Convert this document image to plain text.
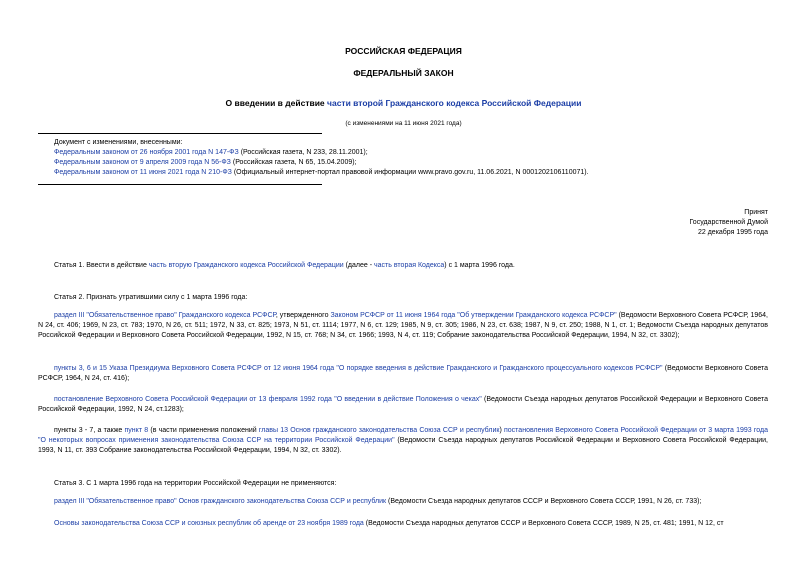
РОССИЙСКАЯ ФЕДЕРАЦИЯ
ФЕДЕРАЛЬНЫЙ ЗАКОН
О введении в действие части второй Гражданского кодекса Российской Федерации
(с изменениями на 11 июня 2021 года)
Документ с изменениями, внесенными:
Федеральным законом от 26 ноября 2001 года N 147-ФЗ (Российская газета, N 233, 28.11.2001);
Федеральным законом от 9 апреля 2009 года N 56-ФЗ (Российская газета, N 65, 15.04.2009);
Федеральным законом от 11 июня 2021 года N 210-ФЗ (Официальный интернет-портал правовой информации www.pravo.gov.ru, 11.06.2021, N 0001202106110071).
Принят
Государственной Думой
22 декабря 1995 года
Статья 1. Ввести в действие часть вторую Гражданского кодекса Российской Федерации (далее - часть вторая Кодекса) с 1 марта 1996 года.
Статья 2. Признать утратившими силу с 1 марта 1996 года:
раздел III "Обязательственное право" Гражданского кодекса РСФСР, утвержденного Законом РСФСР от 11 июня 1964 года "Об утверждении Гражданского кодекса РСФСР" (Ведомости Верховного Совета РСФСР, 1964, N 24, ст. 406; 1969, N 23, ст. 783; 1970, N 26, ст. 511; 1972, N 33, ст. 825; 1973, N 51, ст. 1114; 1977, N 6, ст. 129; 1985, N 9, ст. 305; 1986, N 23, ст. 638; 1987, N 9, ст. 250; 1988, N 1, ст. 1; Ведомости Съезда народных депутатов Российской Федерации и Верховного Совета Российской Федерации, 1992, N 15, ст. 768; N 34, ст. 1966; 1993, N 4, ст. 119; Собрание законодательства Российской Федерации, 1994, N 32, ст. 3302);
пункты 3, 6 и 15 Указа Президиума Верховного Совета РСФСР от 12 июня 1964 года "О порядке введения в действие Гражданского и Гражданского процессуального кодексов РСФСР" (Ведомости Верховного Совета РСФСР, 1964, N 24, ст. 416);
постановление Верховного Совета Российской Федерации от 13 февраля 1992 года "О введении в действие Положения о чеках" (Ведомости Съезда народных депутатов Российской Федерации и Верховного Совета Российской Федерации, 1992, N 24, ст.1283);
пункты 3 - 7, а также пункт 8 (в части применения положений главы 13 Основ гражданского законодательства Союза ССР и республик) постановления Верховного Совета Российской Федерации от 3 марта 1993 года "О некоторых вопросах применения законодательства Союза ССР на территории Российской Федерации" (Ведомости Съезда народных депутатов Российской Федерации и Верховного Совета Российской Федерации, 1993, N 11, ст. 393 Собрание законодательства Российской Федерации, 1994, N 32, ст. 3302).
Статья 3. С 1 марта 1996 года на территории Российской Федерации не применяются:
раздел III "Обязательственное право" Основ гражданского законодательства Союза ССР и республик (Ведомости Съезда народных депутатов СССР и Верховного Совета СССР, 1991, N 26, ст. 733);
Основы законодательства Союза ССР и союзных республик об аренде от 23 ноября 1989 года (Ведомости Съезда народных депутатов СССР и Верховного Совета СССР, 1989, N 25, ст. 481; 1991, N 12, ст
